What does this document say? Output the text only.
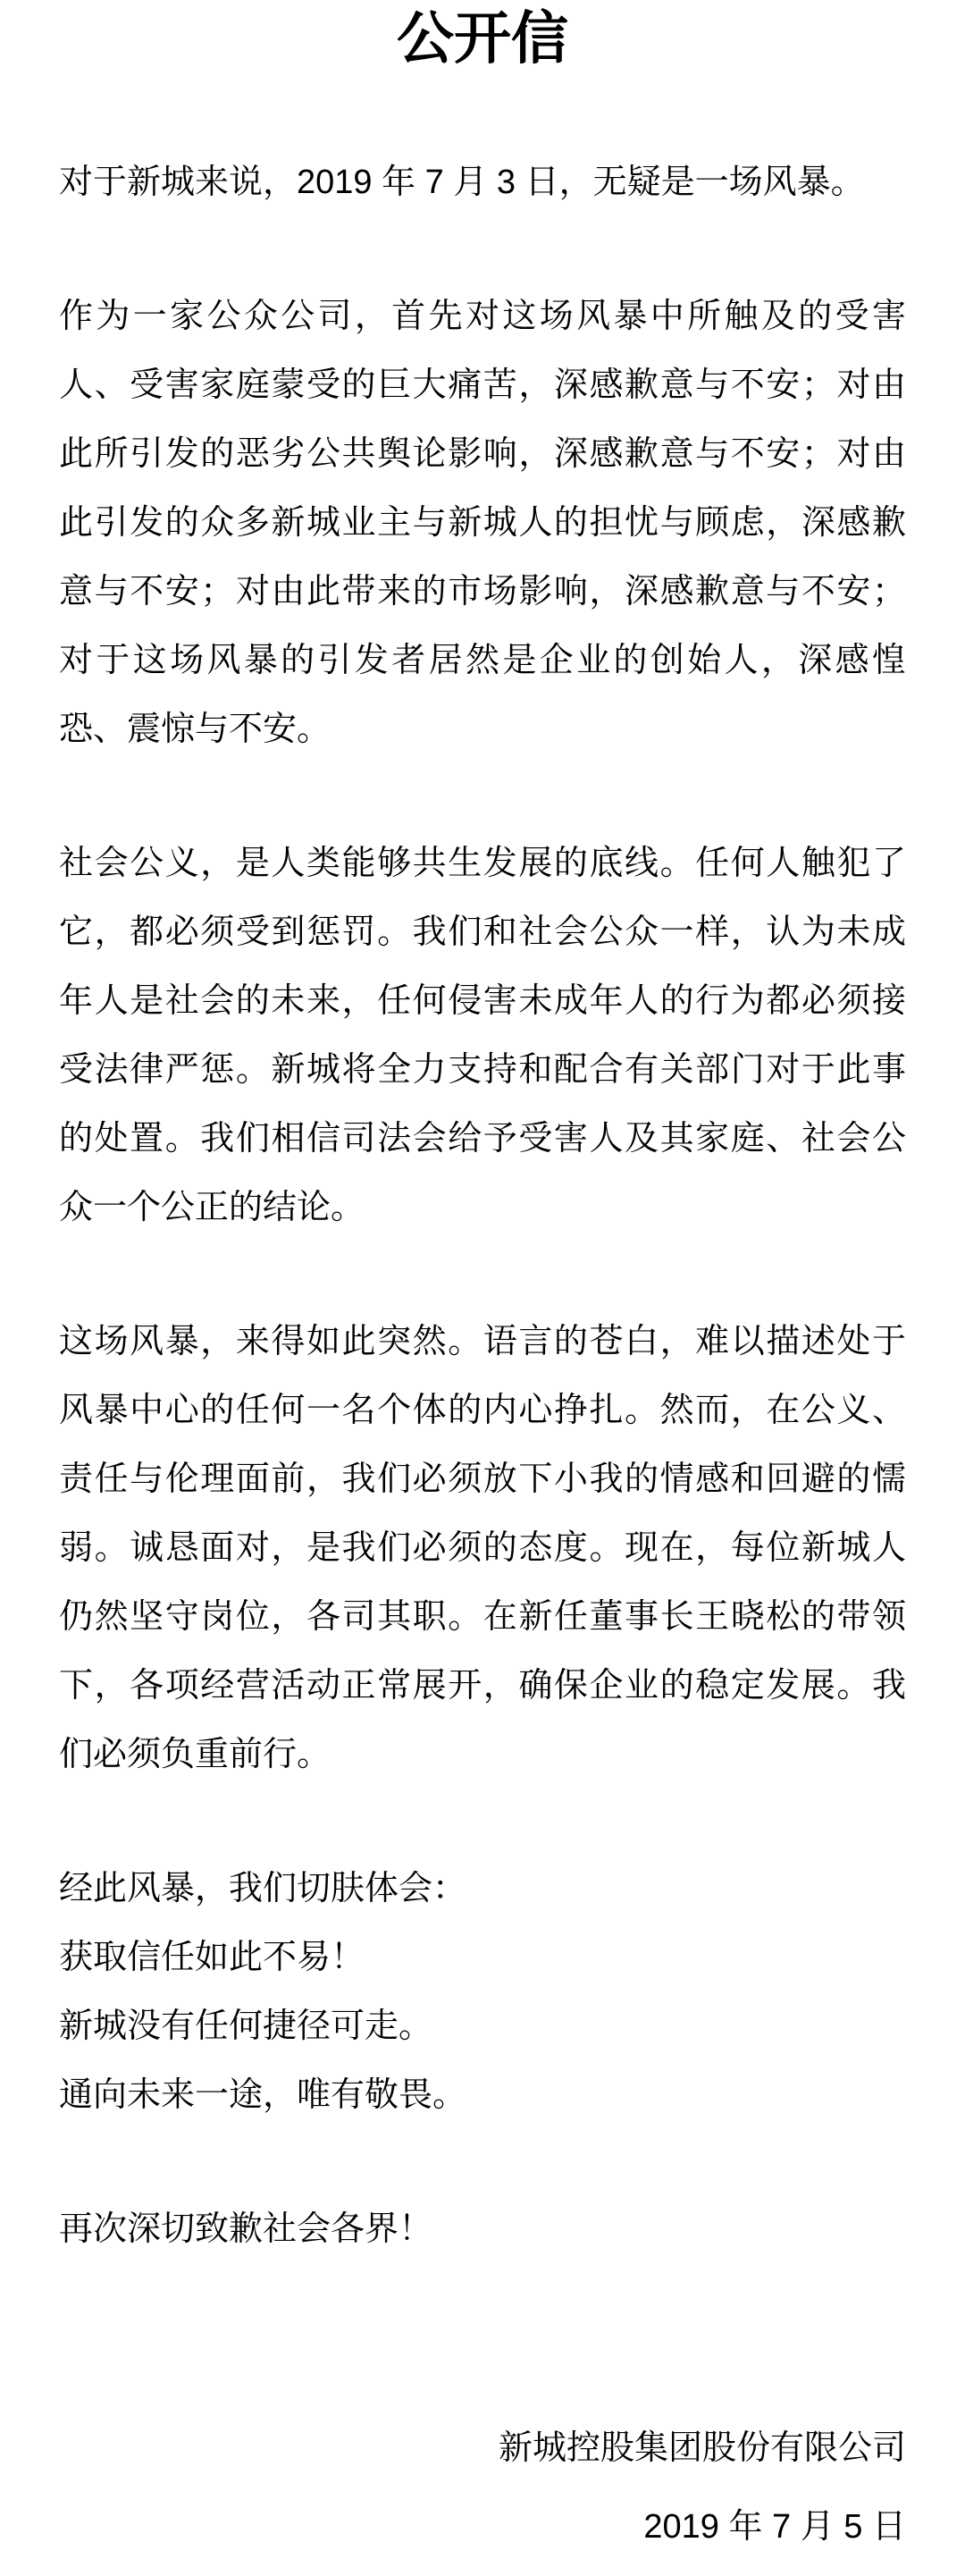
公开信

对于新城来说，2019 年 7 月 3 日，无疑是一场风暴。

作为一家公众公司，首先对这场风暴中所触及的受害人、受害家庭蒙受的巨大痛苦，深感歉意与不安；对由此所引发的恶劣公共舆论影响，深感歉意与不安；对由此引发的众多新城业主与新城人的担忧与顾虑，深感歉意与不安；对由此带来的市场影响，深感歉意与不安；对于这场风暴的引发者居然是企业的创始人，深感惶恐、震惊与不安。

社会公义，是人类能够共生发展的底线。任何人触犯了它，都必须受到惩罚。我们和社会公众一样，认为未成年人是社会的未来，任何侵害未成年人的行为都必须接受法律严惩。新城将全力支持和配合有关部门对于此事的处置。我们相信司法会给予受害人及其家庭、社会公众一个公正的结论。

这场风暴，来得如此突然。语言的苍白，难以描述处于风暴中心的任何一名个体的内心挣扎。然而，在公义、责任与伦理面前，我们必须放下小我的情感和回避的懦弱。诚恳面对，是我们必须的态度。现在，每位新城人仍然坚守岗位，各司其职。在新任董事长王晓松的带领下，各项经营活动正常展开，确保企业的稳定发展。我们必须负重前行。

经此风暴，我们切肤体会：

获取信任如此不易！

新城没有任何捷径可走。

通向未来一途，唯有敬畏。

再次深切致歉社会各界！

新城控股集团股份有限公司

2019 年 7 月 5 日
